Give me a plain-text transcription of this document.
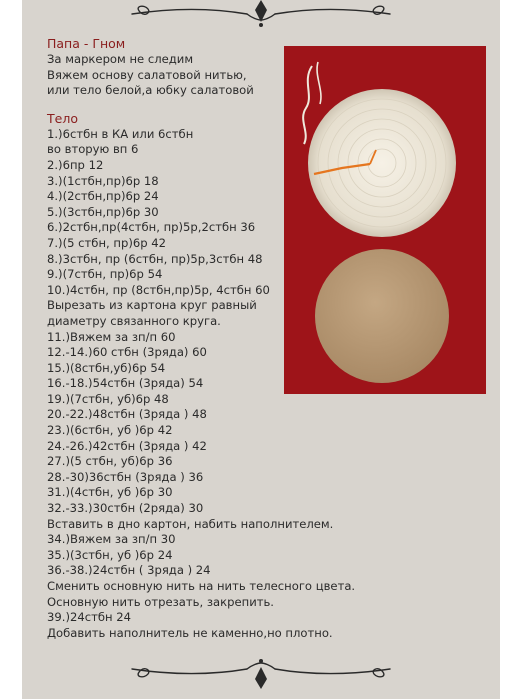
Папа - Гном
За маркером не следим
Вяжем основу салатовой нитью,
или тело белой,а юбку салатовой
Тело
1.)6стбн в КА или 6стбн
во вторую вп 6
2.)6пр 12
3.)(1стбн,пр)6р 18
4.)(2стбн,пр)6р 24
5.)(3стбн,пр)6р 30
6.)2стбн,пр(4стбн, пр)5р,2стбн 36
7.)(5 стбн, пр)6р 42
8.)3стбн, пр (6стбн, пр)5р,3стбн 48
9.)(7стбн, пр)6р 54
10.)4стбн, пр (8стбн,пр)5р, 4стбн 60
Вырезать из картона круг равный
диаметру связанного круга.
11.)Вяжем за зп/п 60
12.-14.)60 стбн (3ряда) 60
15.)(8стбн,уб)6р 54
16.-18.)54стбн (3ряда) 54
19.)(7стбн, уб)6р 48
20.-22.)48стбн (3ряда ) 48
23.)(6стбн, уб )6р 42
24.-26.)42стбн (3ряда ) 42
27.)(5 стбн, уб)6р 36
28.-30)36стбн (3ряда ) 36
31.)(4стбн, уб )6р 30
32.-33.)30стбн (2ряда) 30
Вставить в дно картон, набить наполнителем.
34.)Вяжем за зп/п 30
35.)(3стбн, уб )6р 24
36.-38.)24стбн ( 3ряда ) 24
Сменить основную нить на нить телесного цвета.
Основную нить отрезать, закрепить.
39.)24стбн 24
Добавить наполнитель не каменно,но плотно.
